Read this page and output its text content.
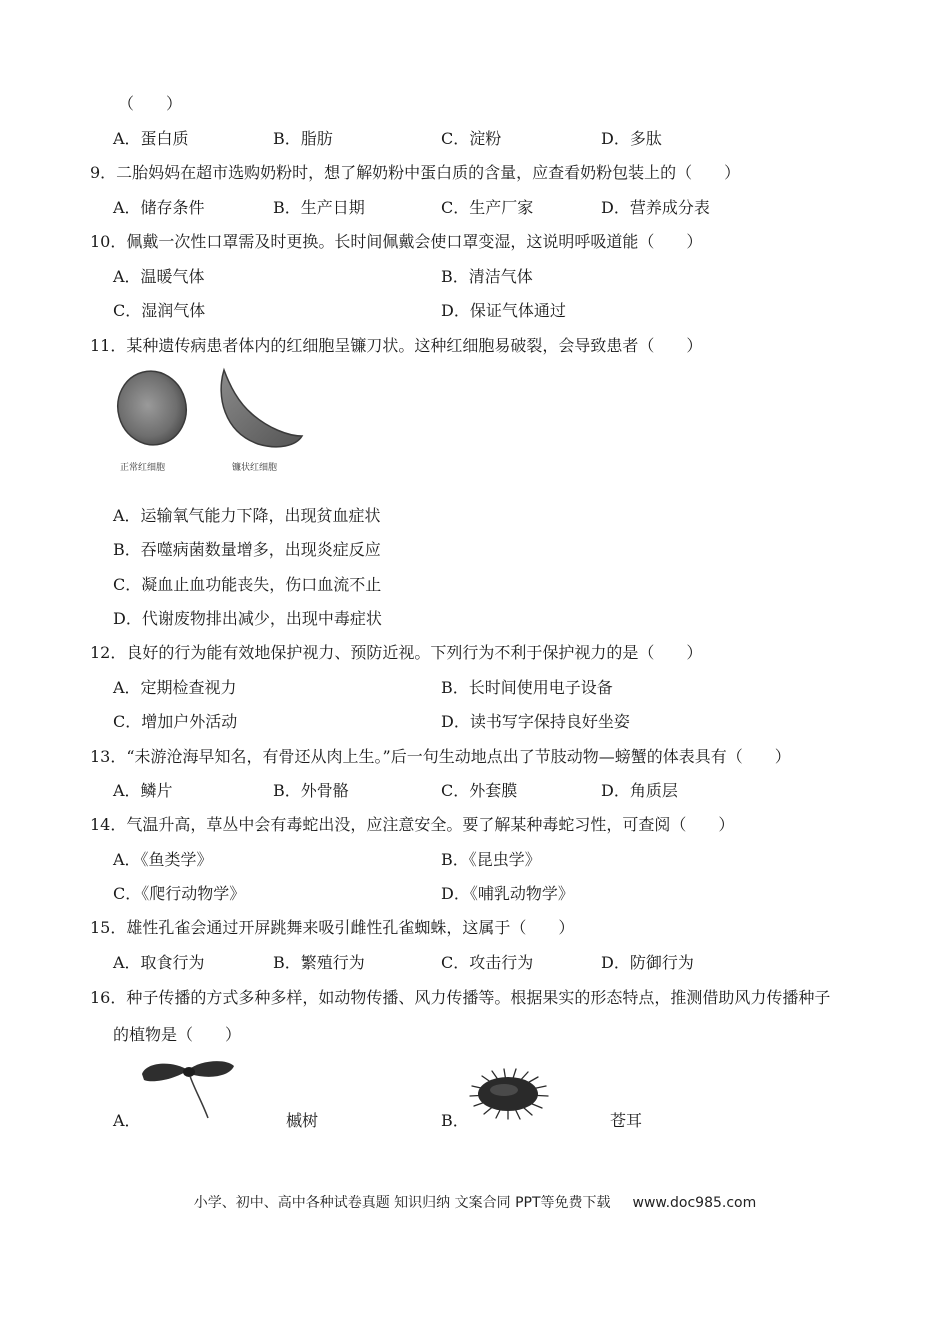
（　　）
A．蛋白质	B．脂肪	C．淀粉	D．多肽
9．二胎妈妈在超市选购奶粉时，想了解奶粉中蛋白质的含量，应查看奶粉包装上的（　　）
A．储存条件	B．生产日期	C．生产厂家	D．营养成分表
10．佩戴一次性口罩需及时更换。长时间佩戴会使口罩变湿，这说明呼吸道能（　　）
A．温暖气体	B．清洁气体
C．湿润气体	D．保证气体通过
11．某种遗传病患者体内的红细胞呈镰刀状。这种红细胞易破裂，会导致患者（　　）
正常红细胞	镰状红细胞
A．运输氧气能力下降，出现贫血症状
B．吞噬病菌数量增多，出现炎症反应
C．凝血止血功能丧失，伤口血流不止
D．代谢废物排出减少，出现中毒症状
12．良好的行为能有效地保护视力、预防近视。下列行为不利于保护视力的是（　　）
A．定期检查视力	B．长时间使用电子设备
C．增加户外活动	D．读书写字保持良好坐姿
13．“未游沧海早知名，有骨还从肉上生。”后一句生动地点出了节肢动物—螃蟹的体表具有（　　）
A．鳞片	B．外骨骼	C．外套膜	D．角质层
14．气温升高，草丛中会有毒蛇出没，应注意安全。要了解某种毒蛇习性，可查阅（　　）
A．《鱼类学》	B．《昆虫学》
C．《爬行动物学》	D．《哺乳动物学》
15．雄性孔雀会通过开屏跳舞来吸引雌性孔雀蜘蛛，这属于（　　）
A．取食行为	B．繁殖行为	C．攻击行为	D．防御行为
16．种子传播的方式多种多样，如动物传播、风力传播等。根据果实的形态特点，推测借助风力传播种子
的植物是（　　）
A．	槭树	B．	苍耳
小学、初中、高中各种试卷真题 知识归纳 文案合同 PPT等免费下载 www.doc985.com
